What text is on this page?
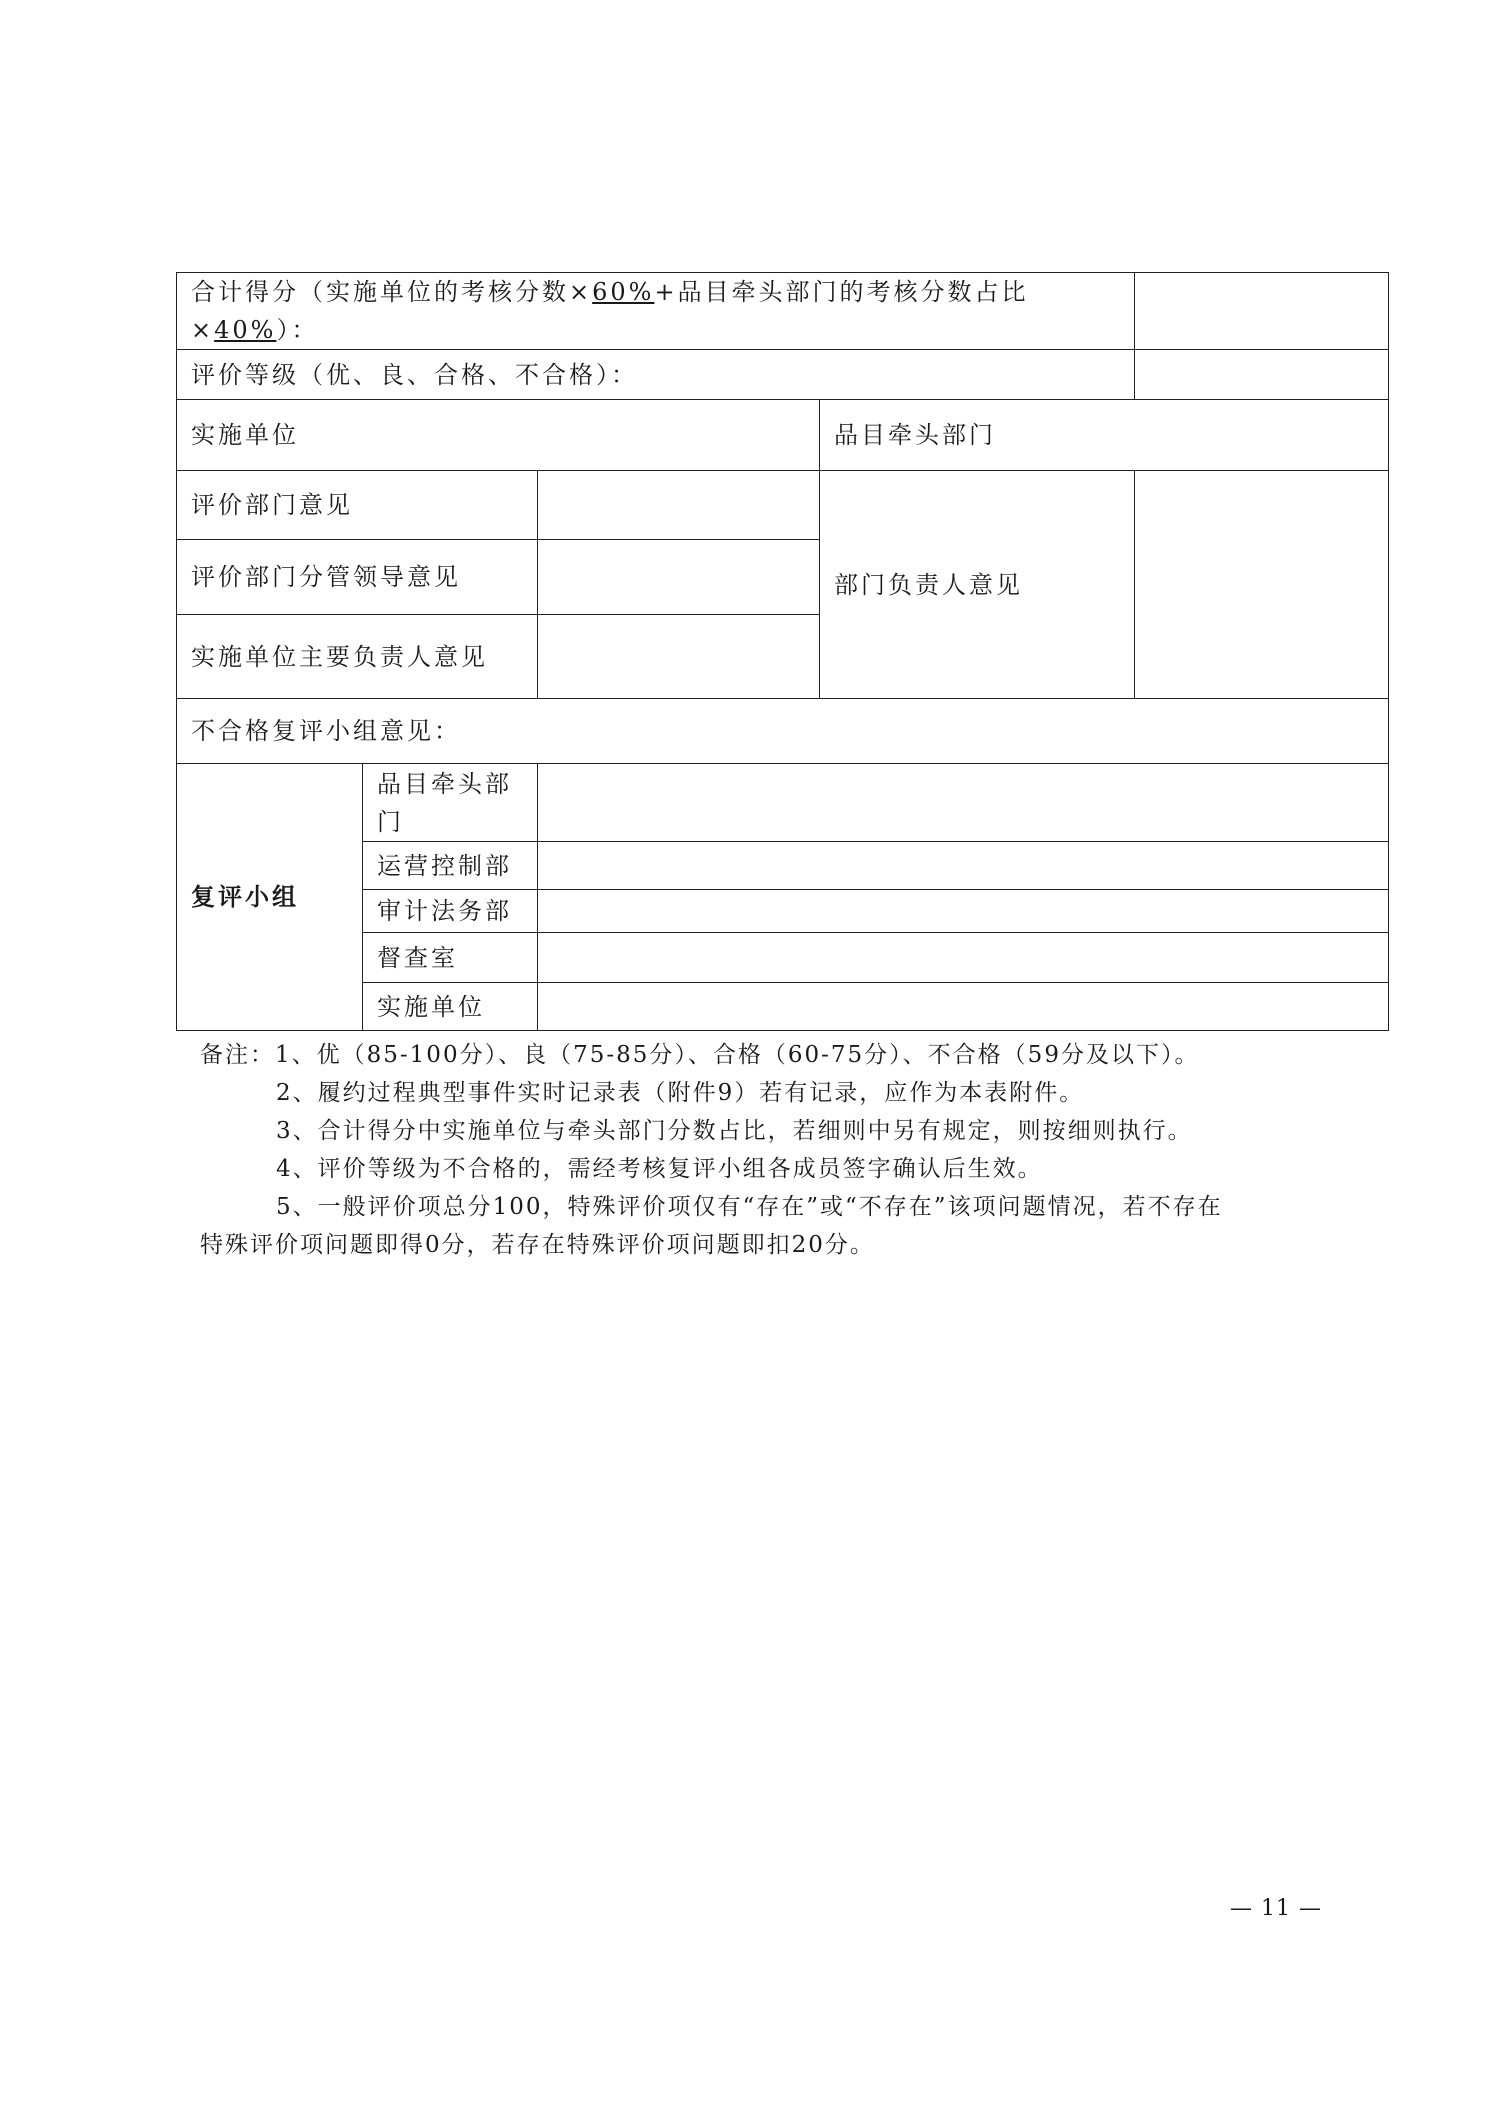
合计得分（实施单位的考核分数×60%+品目牵头部门的考核分数占比×40%）：				
评价等级（优、良、合格、不合格）：				
实施单位			品目牵头部门	
评价部门意见			部门负责人意见	
评价部门分管领导意见				
实施单位主要负责人意见				
不合格复评小组意见：				
复评小组	品目牵头部门			
	运营控制部			
	审计法务部			
	督查室			
	实施单位			

备注：1、优（85-100分）、良（75-85分）、合格（60-75分）、不合格（59分及以下）。

2、履约过程典型事件实时记录表（附件9）若有记录，应作为本表附件。

3、合计得分中实施单位与牵头部门分数占比，若细则中另有规定，则按细则执行。

4、评价等级为不合格的，需经考核复评小组各成员签字确认后生效。

5、一般评价项总分100，特殊评价项仅有“存在”或“不存在”该项问题情况，若不存在

特殊评价项问题即得0分，若存在特殊评价项问题即扣20分。

— 11 —
